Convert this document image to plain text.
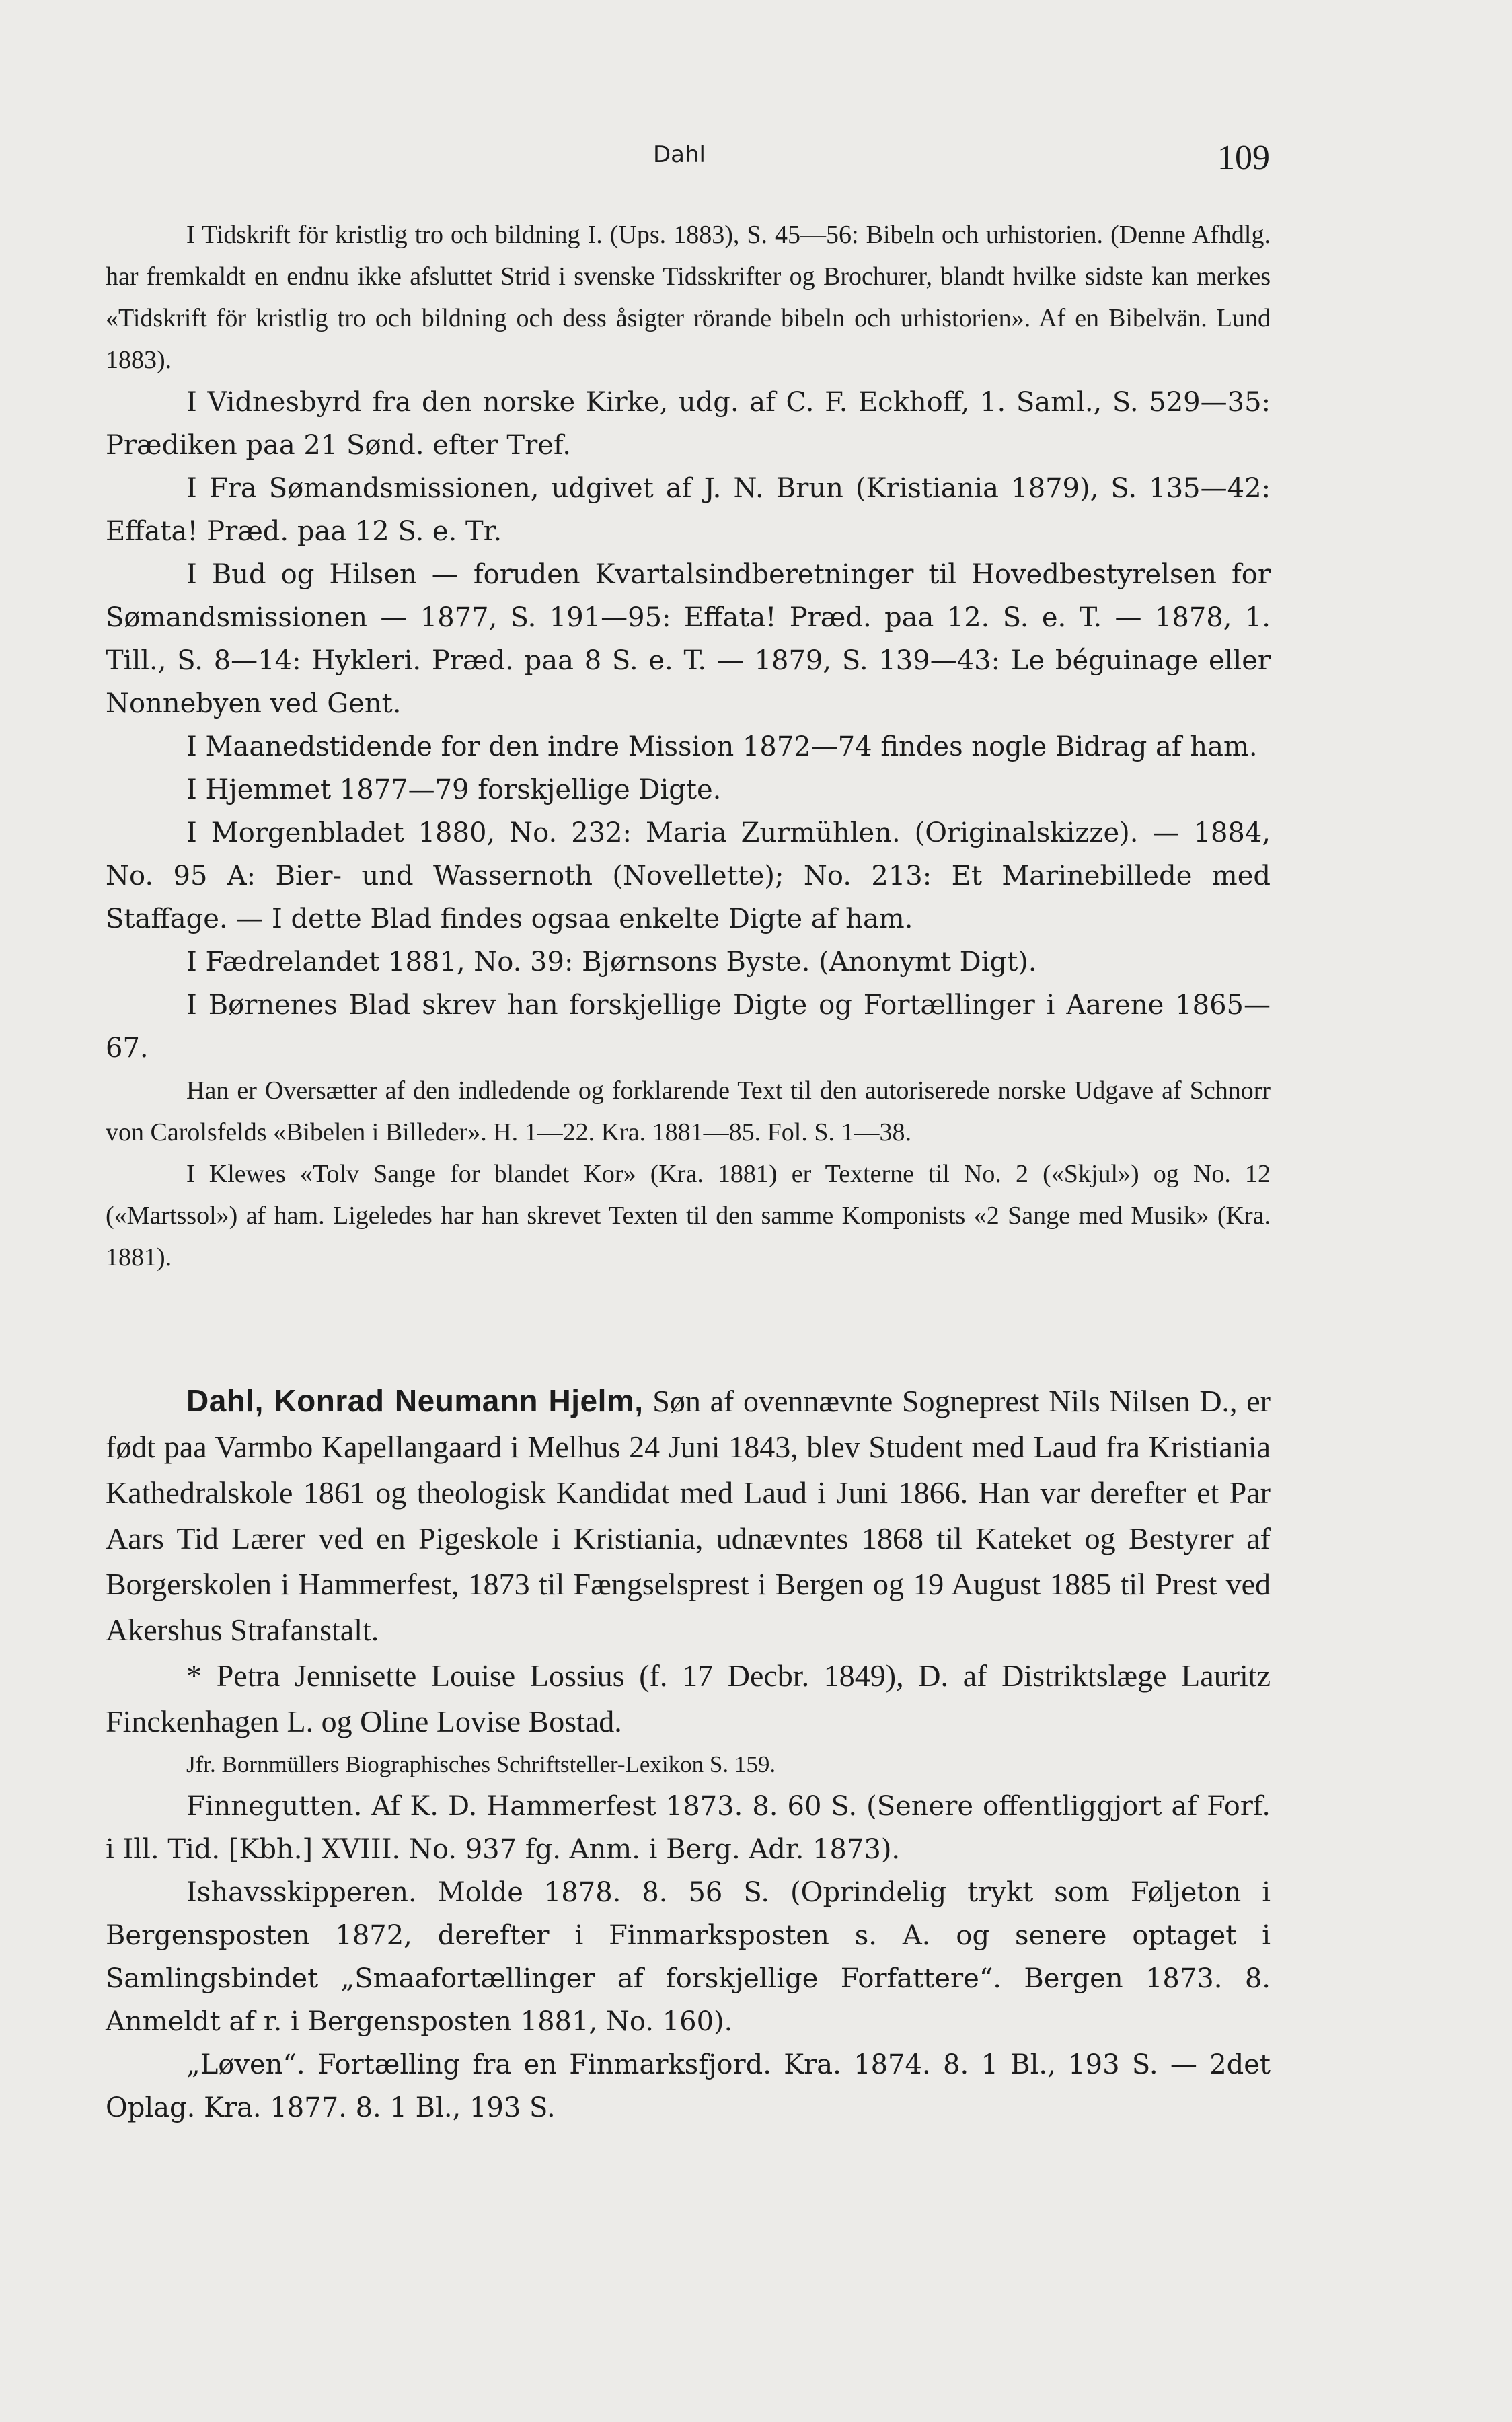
Dahl	109

I Tidskrift för kristlig tro och bildning I. (Ups. 1883), S. 45—56: Bibeln och urhistorien. (Denne Afhdlg. har fremkaldt en endnu ikke afsluttet Strid i svenske Tidsskrifter og Brochurer, blandt hvilke sidste kan merkes «Tidskrift för kristlig tro och bildning och dess åsigter rörande bibeln och urhistorien». Af en Bibelvän. Lund 1883).

I Vidnesbyrd fra den norske Kirke, udg. af C. F. Eckhoff, 1. Saml., S. 529—35: Prædiken paa 21 Sønd. efter Tref.

I Fra Sømandsmissionen, udgivet af J. N. Brun (Kristiania 1879), S. 135—42: Effata! Præd. paa 12 S. e. Tr.

I Bud og Hilsen — foruden Kvartalsindberetninger til Hovedbestyrelsen for Sømandsmissionen — 1877, S. 191—95: Effata! Præd. paa 12. S. e. T. — 1878, 1. Till., S. 8—14: Hykleri. Præd. paa 8 S. e. T. — 1879, S. 139—43: Le béguinage eller Nonnebyen ved Gent.

I Maanedstidende for den indre Mission 1872—74 findes nogle Bidrag af ham.

I Hjemmet 1877—79 forskjellige Digte.

I Morgenbladet 1880, No. 232: Maria Zurmühlen. (Originalskizze). — 1884, No. 95 A: Bier- und Wassernoth (Novellette); No. 213: Et Marinebillede med Staffage. — I dette Blad findes ogsaa enkelte Digte af ham.

I Fædrelandet 1881, No. 39: Bjørnsons Byste. (Anonymt Digt).

I Børnenes Blad skrev han forskjellige Digte og Fortællinger i Aarene 1865—67.

Han er Oversætter af den indledende og forklarende Text til den autoriserede norske Udgave af Schnorr von Carolsfelds «Bibelen i Billeder». H. 1—22. Kra. 1881—85. Fol. S. 1—38.

I Klewes «Tolv Sange for blandet Kor» (Kra. 1881) er Texterne til No. 2 («Skjul») og No. 12 («Martssol») af ham. Ligeledes har han skrevet Texten til den samme Komponists «2 Sange med Musik» (Kra. 1881).

Dahl, Konrad Neumann Hjelm, Søn af ovennævnte Sogneprest Nils Nilsen D., er født paa Varmbo Kapellangaard i Melhus 24 Juni 1843, blev Student med Laud fra Kristiania Kathedralskole 1861 og theologisk Kandidat med Laud i Juni 1866. Han var derefter et Par Aars Tid Lærer ved en Pigeskole i Kristiania, udnævntes 1868 til Kateket og Bestyrer af Borgerskolen i Hammerfest, 1873 til Fængselsprest i Bergen og 19 August 1885 til Prest ved Akershus Strafanstalt.

* Petra Jennisette Louise Lossius (f. 17 Decbr. 1849), D. af Distriktslæge Lauritz Finckenhagen L. og Oline Lovise Bostad.

Jfr. Bornmüllers Biographisches Schriftsteller-Lexikon S. 159.

Finnegutten. Af K. D. Hammerfest 1873. 8. 60 S. (Senere offentliggjort af Forf. i Ill. Tid. [Kbh.] XVIII. No. 937 fg. Anm. i Berg. Adr. 1873).

Ishavsskipperen. Molde 1878. 8. 56 S. (Oprindelig trykt som Føljeton i Bergensposten 1872, derefter i Finmarksposten s. A. og senere optaget i Samlingsbindet „Smaafortællinger af forskjellige Forfattere“. Bergen 1873. 8. Anmeldt af r. i Bergensposten 1881, No. 160).

„Løven“. Fortælling fra en Finmarksfjord. Kra. 1874. 8. 1 Bl., 193 S. — 2det Oplag. Kra. 1877. 8. 1 Bl., 193 S.
